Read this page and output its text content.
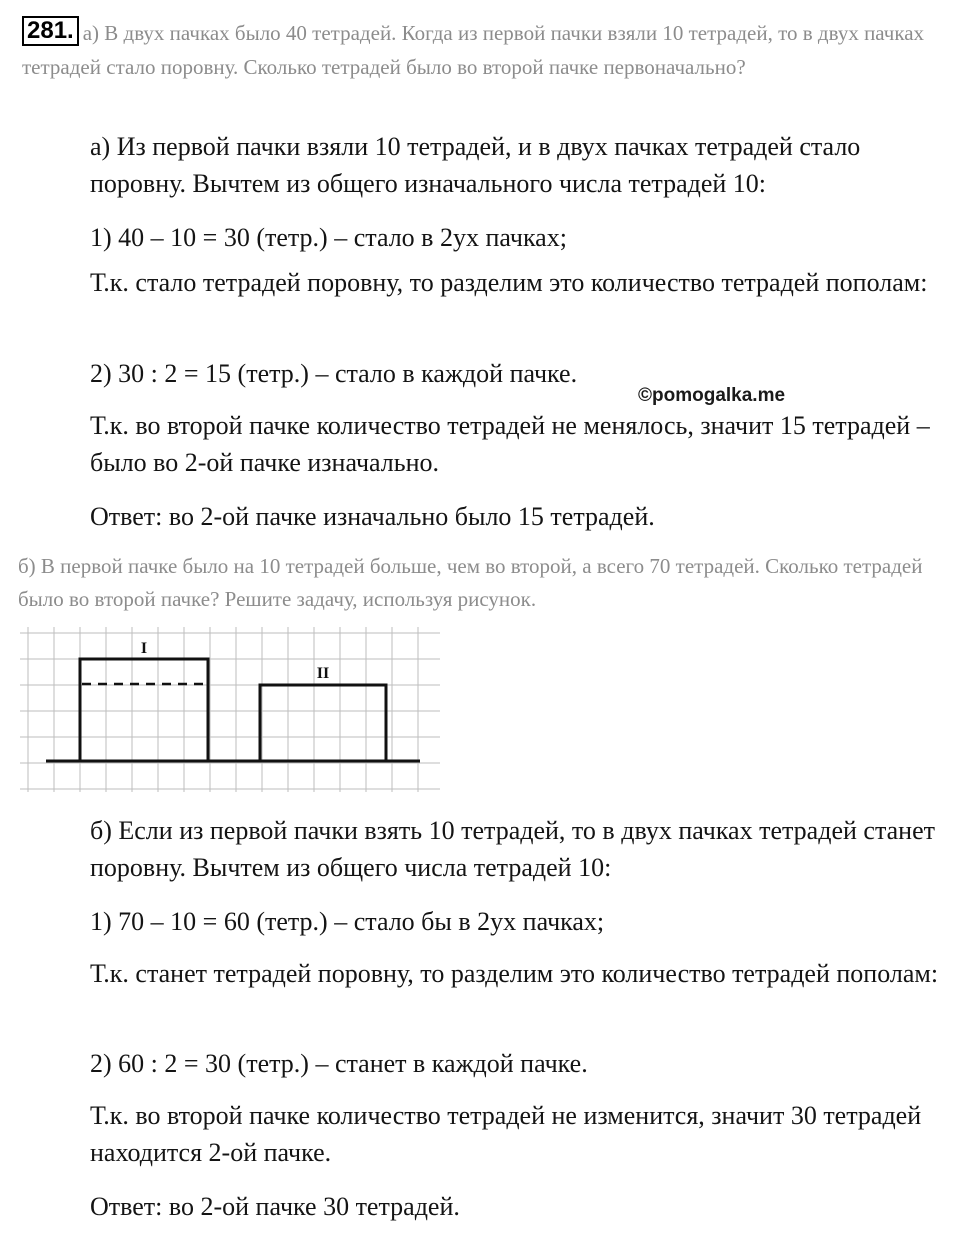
281. а) В двух пачках было 40 тетрадей. Когда из первой пачки взяли 10 тетрадей, то в двух пачках тетрадей стало поровну. Сколько тетрадей было во второй пачке первоначально?

а) Из первой пачки взяли 10 тетрадей, и в двух пачках тетрадей стало поровну. Вычтем из общего изначального числа тетрадей 10:

1) 40 – 10 = 30 (тетр.) – стало в 2ух пачках;

Т.к. стало тетрадей поровну, то разделим это количество тетрадей пополам:

2) 30 : 2 = 15 (тетр.) – стало в каждой пачке.

©pomogalka.me

Т.к. во второй пачке количество тетрадей не менялось, значит 15 тетрадей – было во 2-ой пачке изначально.

Ответ: во 2-ой пачке изначально было 15 тетрадей.

б) В первой пачке было на 10 тетрадей больше, чем во второй, а всего 70 тетрадей. Сколько тетрадей было во второй пачке? Решите задачу, используя рисунок.
I
II

б) Если из первой пачки взять 10 тетрадей, то в двух пачках тетрадей станет поровну. Вычтем из общего числа тетрадей 10:

1) 70 – 10 = 60 (тетр.) – стало бы в 2ух пачках;

Т.к. станет тетрадей поровну, то разделим это количество тетрадей пополам:

2) 60 : 2 = 30 (тетр.) – станет в каждой пачке.

Т.к. во второй пачке количество тетрадей не изменится, значит 30 тетрадей находится 2-ой пачке.

Ответ: во 2-ой пачке 30 тетрадей.
